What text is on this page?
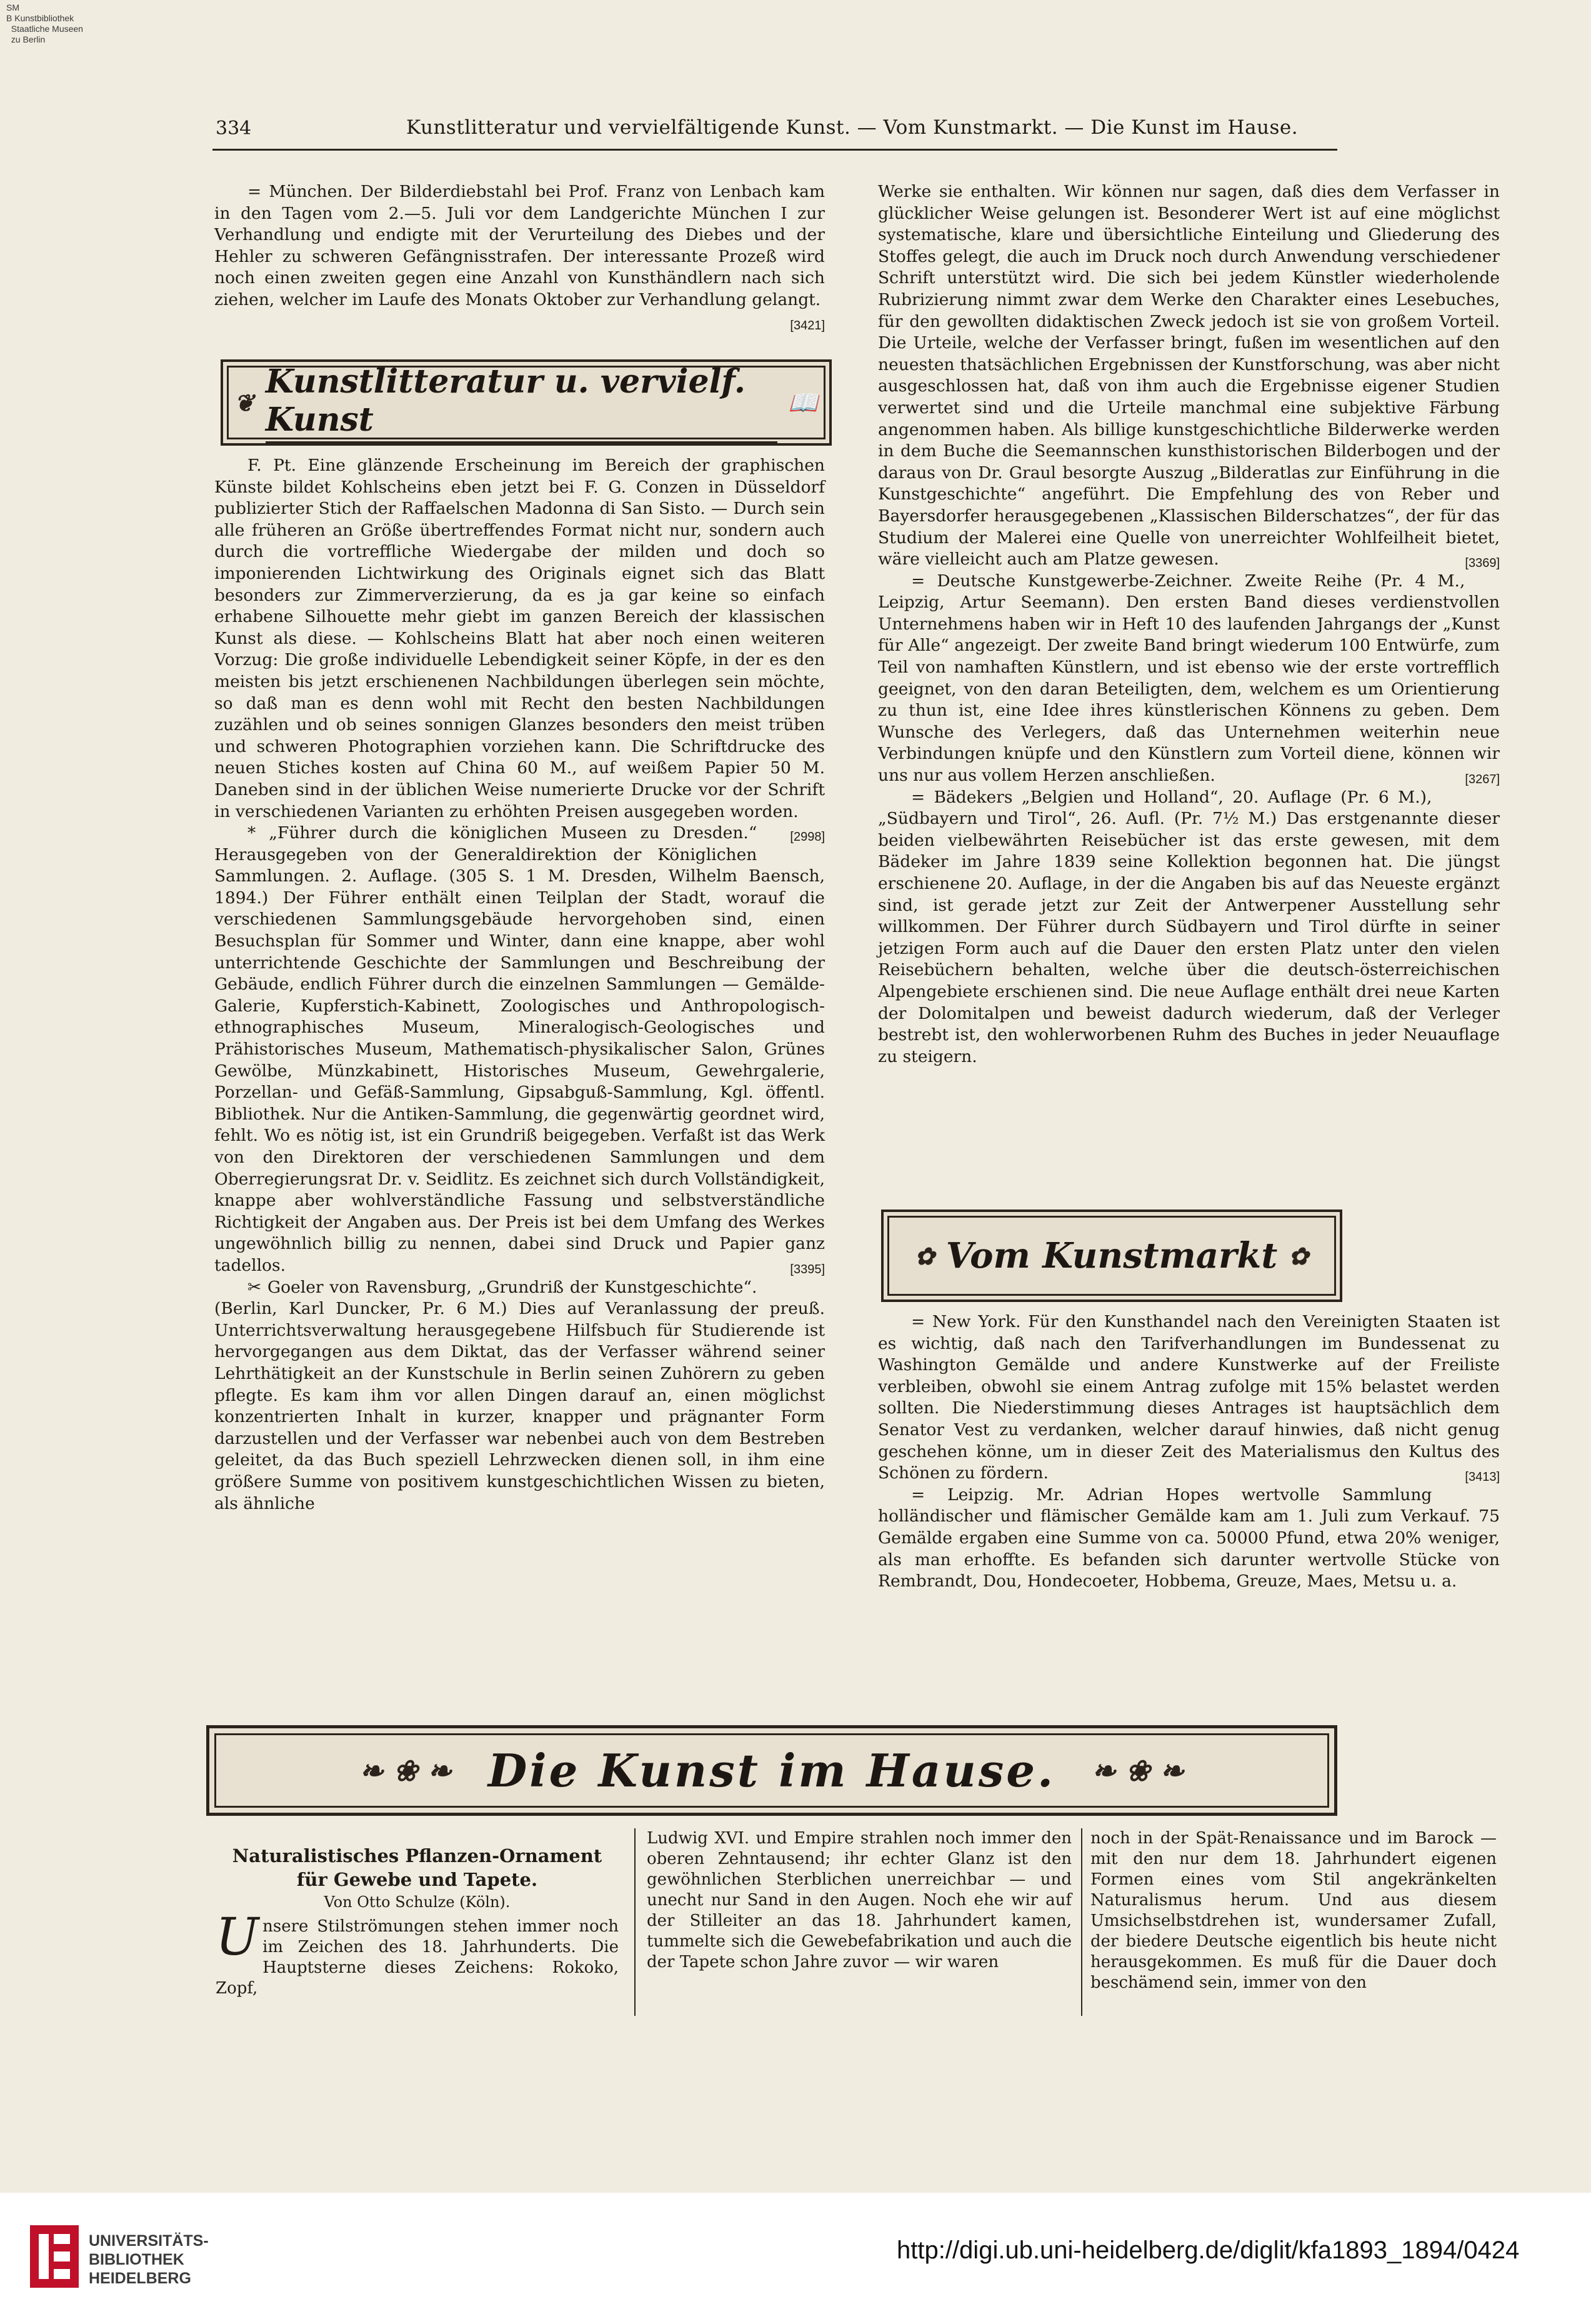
SM
B Kunstbibliothek
Staatliche Museen
zu Berlin
334	Kunstlitteratur und vervielfältigende Kunst. — Vom Kunstmarkt. — Die Kunst im Hause.

= München. Der Bilderdiebstahl bei Prof. Franz von Lenbach kam in den Tagen vom 2.—5. Juli vor dem Landgerichte München I zur Verhandlung und endigte mit der Verurteilung des Diebes und der Hehler zu schweren Gefängnisstrafen. Der interessante Prozeß wird noch einen zweiten gegen eine Anzahl von Kunsthändlern nach sich ziehen, welcher im Laufe des Monats Oktober zur Verhandlung gelangt.
[3421]

❦
Kunstlitteratur u. vervielf. Kunst	📖

F. Pt. Eine glänzende Erscheinung im Bereich der graphischen Künste bildet Kohlscheins eben jetzt bei F. G. Conzen in Düsseldorf publizierter Stich der Raffaelschen Madonna di San Sisto. — Durch sein alle früheren an Größe übertreffendes Format nicht nur, sondern auch durch die vortreffliche Wiedergabe der milden und doch so imponierenden Lichtwirkung des Originals eignet sich das Blatt besonders zur Zimmerverzierung, da es ja gar keine so einfach erhabene Silhouette mehr giebt im ganzen Bereich der klassischen Kunst als diese. — Kohlscheins Blatt hat aber noch einen weiteren Vorzug: Die große individuelle Lebendigkeit seiner Köpfe, in der es den meisten bis jetzt erschienenen Nachbildungen überlegen sein möchte, so daß man es denn wohl mit Recht den besten Nachbildungen zuzählen und ob seines sonnigen Glanzes besonders den meist trüben und schweren Photographien vorziehen kann. Die Schriftdrucke des neuen Stiches kosten auf China 60 M., auf weißem Papier 50 M. Daneben sind in der üblichen Weise numerierte Drucke vor der Schrift in verschiedenen Varianten zu erhöhten Preisen ausgegeben worden.
[2998]

* „Führer durch die königlichen Museen zu Dresden.“ Herausgegeben von der Generaldirektion der Königlichen Sammlungen. 2. Auflage. (305 S. 1 M. Dresden, Wilhelm Baensch, 1894.) Der Führer enthält einen Teilplan der Stadt, worauf die verschiedenen Sammlungsgebäude hervorgehoben sind, einen Besuchsplan für Sommer und Winter, dann eine knappe, aber wohl unterrichtende Geschichte der Sammlungen und Beschreibung der Gebäude, endlich Führer durch die einzelnen Sammlungen — Gemälde-Galerie, Kupferstich-Kabinett, Zoologisches und Anthropologisch-ethnographisches Museum, Mineralogisch-Geologisches und Prähistorisches Museum, Mathematisch-physikalischer Salon, Grünes Gewölbe, Münzkabinett, Historisches Museum, Gewehrgalerie, Porzellan- und Gefäß-Sammlung, Gipsabguß-Sammlung, Kgl. öffentl. Bibliothek. Nur die Antiken-Sammlung, die gegenwärtig geordnet wird, fehlt. Wo es nötig ist, ist ein Grundriß beigegeben. Verfaßt ist das Werk von den Direktoren der verschiedenen Sammlungen und dem Oberregierungsrat Dr. v. Seidlitz. Es zeichnet sich durch Vollständigkeit, knappe aber wohlverständliche Fassung und selbstverständliche Richtigkeit der Angaben aus. Der Preis ist bei dem Umfang des Werkes ungewöhnlich billig zu nennen, dabei sind Druck und Papier ganz tadellos.	[3395]

✂ Goeler von Ravensburg, „Grundriß der Kunstgeschichte“. (Berlin, Karl Duncker, Pr. 6 M.) Dies auf Veranlassung der preuß. Unterrichtsverwaltung herausgegebene Hilfsbuch für Studierende ist hervorgegangen aus dem Diktat, das der Verfasser während seiner Lehrthätigkeit an der Kunstschule in Berlin seinen Zuhörern zu geben pflegte. Es kam ihm vor allen Dingen darauf an, einen möglichst konzentrierten Inhalt in kurzer, knapper und prägnanter Form darzustellen und der Verfasser war nebenbei auch von dem Bestreben geleitet, da das Buch speziell Lehrzwecken dienen soll, in ihm eine größere Summe von positivem kunstgeschichtlichen Wissen zu bieten, als ähnliche

Werke sie enthalten. Wir können nur sagen, daß dies dem Verfasser in glücklicher Weise gelungen ist. Besonderer Wert ist auf eine möglichst systematische, klare und übersichtliche Einteilung und Gliederung des Stoffes gelegt, die auch im Druck noch durch Anwendung verschiedener Schrift unterstützt wird. Die sich bei jedem Künstler wiederholende Rubrizierung nimmt zwar dem Werke den Charakter eines Lesebuches, für den gewollten didaktischen Zweck jedoch ist sie von großem Vorteil. Die Urteile, welche der Verfasser bringt, fußen im wesentlichen auf den neuesten thatsächlichen Ergebnissen der Kunstforschung, was aber nicht ausgeschlossen hat, daß von ihm auch die Ergebnisse eigener Studien verwertet sind und die Urteile manchmal eine subjektive Färbung angenommen haben. Als billige kunstgeschichtliche Bilderwerke werden in dem Buche die Seemannschen kunsthistorischen Bilderbogen und der daraus von Dr. Graul besorgte Auszug „Bilderatlas zur Einführung in die Kunstgeschichte“ angeführt. Die Empfehlung des von Reber und Bayersdorfer herausgegebenen „Klassischen Bilderschatzes“, der für das Studium der Malerei eine Quelle von unerreichter Wohlfeilheit bietet, wäre vielleicht auch am Platze gewesen.	[3369]

= Deutsche Kunstgewerbe-Zeichner. Zweite Reihe (Pr. 4 M., Leipzig, Artur Seemann). Den ersten Band dieses verdienstvollen Unternehmens haben wir in Heft 10 des laufenden Jahrgangs der „Kunst für Alle“ angezeigt. Der zweite Band bringt wiederum 100 Entwürfe, zum Teil von namhaften Künstlern, und ist ebenso wie der erste vortrefflich geeignet, von den daran Beteiligten, dem, welchem es um Orientierung zu thun ist, eine Idee ihres künstlerischen Könnens zu geben. Dem Wunsche des Verlegers, daß das Unternehmen weiterhin neue Verbindungen knüpfe und den Künstlern zum Vorteil diene, können wir uns nur aus vollem Herzen anschließen.	[3267]

= Bädekers „Belgien und Holland“, 20. Auflage (Pr. 6 M.), „Südbayern und Tirol“, 26. Aufl. (Pr. 7½ M.) Das erstgenannte dieser beiden vielbewährten Reisebücher ist das erste gewesen, mit dem Bädeker im Jahre 1839 seine Kollektion begonnen hat. Die jüngst erschienene 20. Auflage, in der die Angaben bis auf das Neueste ergänzt sind, ist gerade jetzt zur Zeit der Antwerpener Ausstellung sehr willkommen. Der Führer durch Südbayern und Tirol dürfte in seiner jetzigen Form auch auf die Dauer den ersten Platz unter den vielen Reisebüchern behalten, welche über die deutsch-österreichischen Alpengebiete erschienen sind. Die neue Auflage enthält drei neue Karten der Dolomitalpen und beweist dadurch wiederum, daß der Verleger bestrebt ist, den wohlerworbenen Ruhm des Buches in jeder Neuauflage zu steigern.

✿ Vom Kunstmarkt ✿

= New York. Für den Kunsthandel nach den Vereinigten Staaten ist es wichtig, daß nach den Tarifverhandlungen im Bundessenat zu Washington Gemälde und andere Kunstwerke auf der Freiliste verbleiben, obwohl sie einem Antrag zufolge mit 15% belastet werden sollten. Die Niederstimmung dieses Antrages ist hauptsächlich dem Senator Vest zu verdanken, welcher darauf hinwies, daß nicht genug geschehen könne, um in dieser Zeit des Materialismus den Kultus des Schönen zu fördern.	[3413]

= Leipzig. Mr. Adrian Hopes wertvolle Sammlung holländischer und flämischer Gemälde kam am 1. Juli zum Verkauf. 75 Gemälde ergaben eine Summe von ca. 50000 Pfund, etwa 20% weniger, als man erhoffte. Es befanden sich darunter wertvolle Stücke von Rembrandt, Dou, Hondecoeter, Hobbema, Greuze, Maes, Metsu u. a.

❧ ❀ ❧ Die Kunst im Hause.	❧ ❀ ❧
Naturalistisches Pflanzen-Ornament für Gewebe und Tapete.
Von Otto Schulze (Köln).
Unsere Stilströmungen stehen immer noch im Zeichen des 18. Jahrhunderts. Die Hauptsterne dieses Zeichens: Rokoko, Zopf,

Ludwig XVI. und Empire strahlen noch immer den oberen Zehntausend; ihr echter Glanz ist den gewöhnlichen Sterblichen unerreichbar — und unecht nur Sand in den Augen. Noch ehe wir auf der Stilleiter an das 18. Jahrhundert kamen, tummelte sich die Gewebefabrikation und auch die der Tapete schon Jahre zuvor — wir waren

noch in der Spät-Renaissance und im Barock — mit den nur dem 18. Jahrhundert eigenen Formen eines vom Stil angekränkelten Naturalismus herum. Und aus diesem Umsichselbstdrehen ist, wundersamer Zufall, der biedere Deutsche eigentlich bis heute nicht herausgekommen. Es muß für die Dauer doch beschämend sein, immer von den

UNIVERSITÄTS-
BIBLIOTHEK
HEIDELBERG
http://digi.ub.uni-heidelberg.de/diglit/kfa1893_1894/0424
